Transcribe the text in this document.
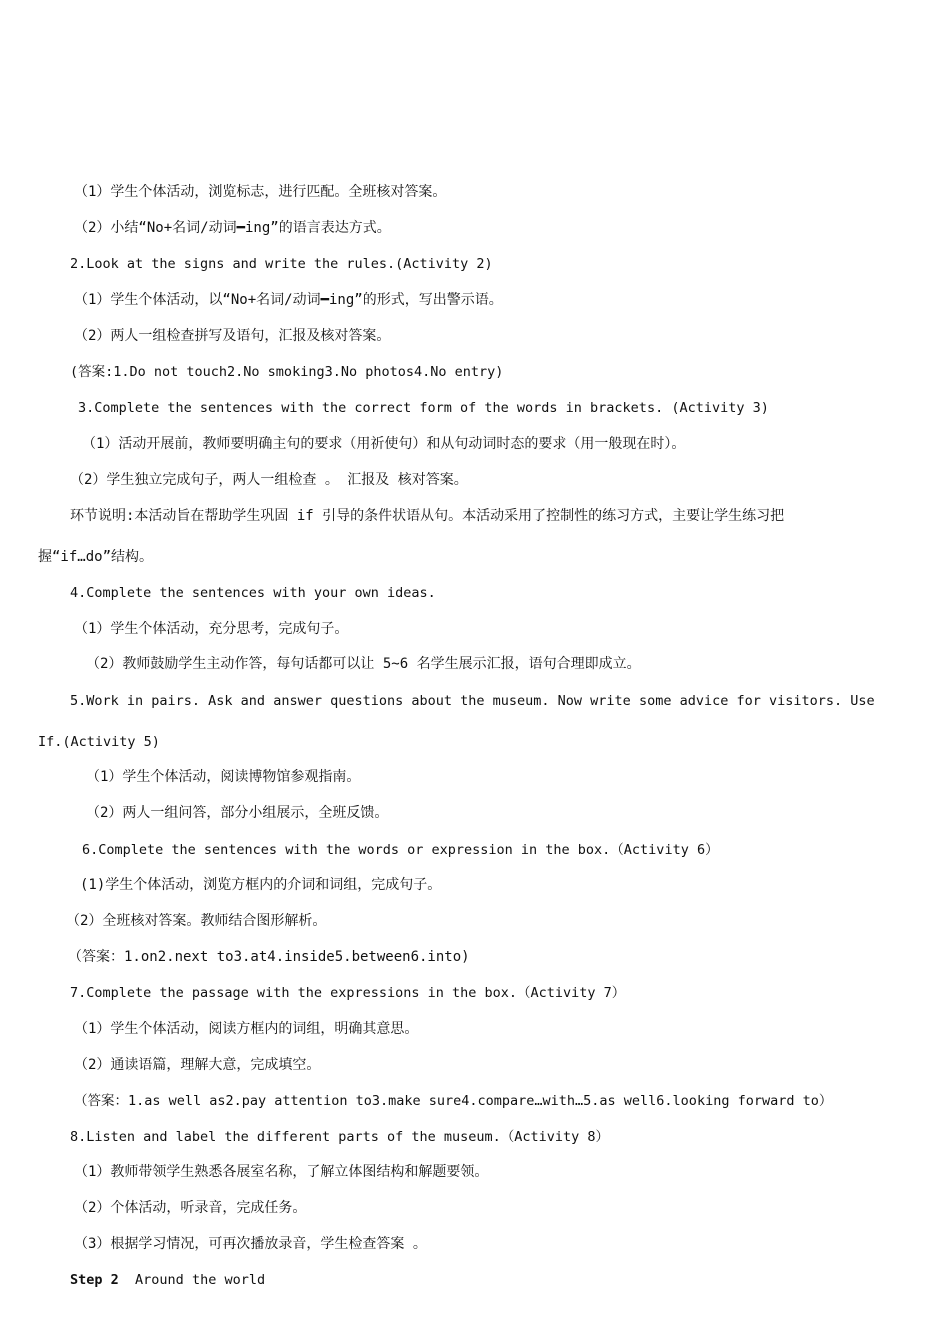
（1）学生个体活动，浏览标志，进行匹配。全班核对答案。
（2）小结“No+名词/动词━ing”的语言表达方式。
2.Look at the signs and write the rules.(Activity 2)
（1）学生个体活动，以“No+名词/动词━ing”的形式，写出警示语。
（2）两人一组检查拼写及语句，汇报及核对答案。
(答案:1.Do not touch2.No smoking3.No photos4.No entry)
3.Complete the sentences with the correct form of the words in brackets. (Activity 3)
（1）活动开展前，教师要明确主句的要求（用祈使句）和从句动词时态的要求（用一般现在时）。
（2）学生独立完成句子，两人一组检查 。 汇报及 核对答案。
环节说明:本活动旨在帮助学生巩固 if 引导的条件状语从句。本活动采用了控制性的练习方式，主要让学生练习把
握“if…do”结构。
4.Complete the sentences with your own ideas.
（1）学生个体活动，充分思考，完成句子。
（2）教师鼓励学生主动作答，每句话都可以让 5~6 名学生展示汇报，语句合理即成立。
5.Work in pairs. Ask and answer questions about the museum. Now write some advice for visitors. Use
If.(Activity 5)
（1）学生个体活动，阅读博物馆参观指南。
（2）两人一组问答，部分小组展示，全班反馈。
6.Complete the sentences with the words or expression in the box.（Activity 6）
(1)学生个体活动，浏览方框内的介词和词组，完成句子。
（2）全班核对答案。教师结合图形解析。
（答案：1.on2.next to3.at4.inside5.between6.into)
7.Complete the passage with the expressions in the box.（Activity 7）
（1）学生个体活动，阅读方框内的词组，明确其意思。
（2）通读语篇，理解大意，完成填空。
（答案：1.as well as2.pay attention to3.make sure4.compare…with…5.as well6.looking forward to）
8.Listen and label the different parts of the museum.（Activity 8）
（1）教师带领学生熟悉各展室名称，了解立体图结构和解题要领。
（2）个体活动，听录音，完成任务。
（3）根据学习情况，可再次播放录音，学生检查答案 。
Step 2 Around the world
